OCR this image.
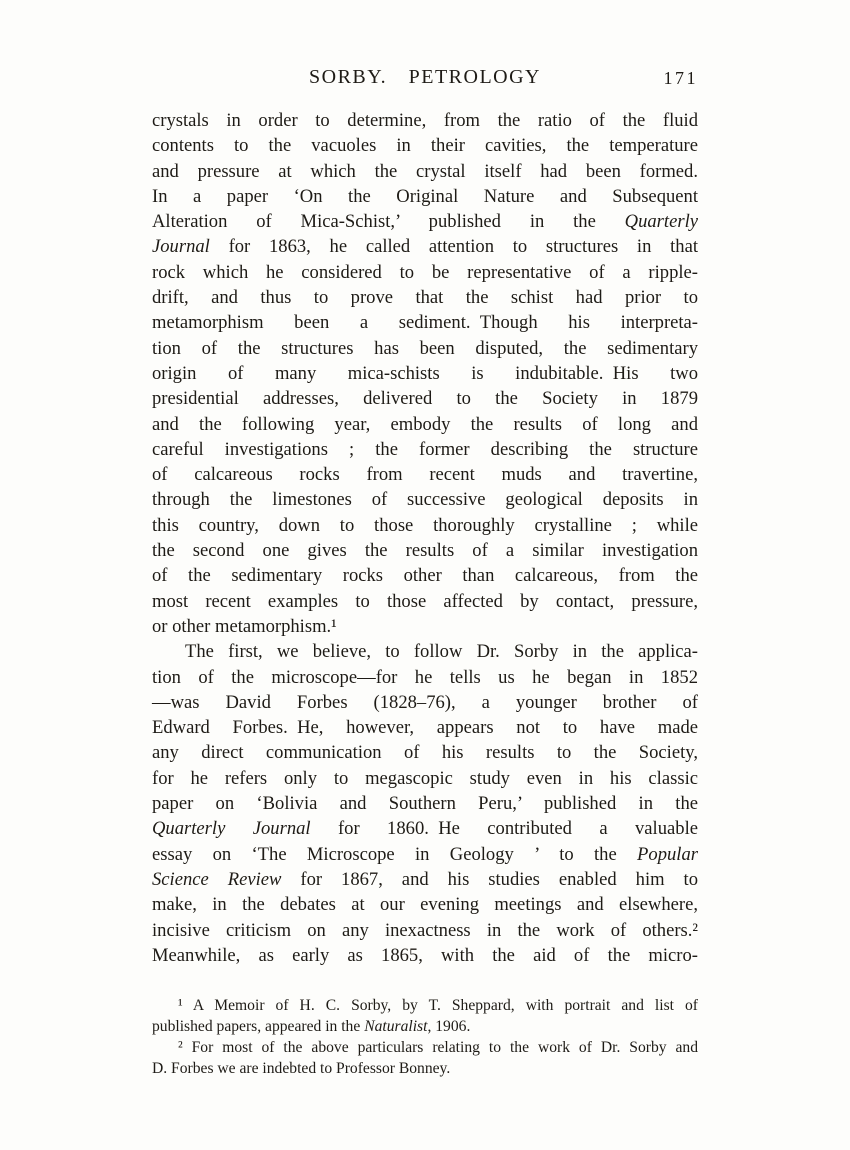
SORBY. PETROLOGY	171
crystals in order to determine, from the ratio of the fluid
contents to the vacuoles in their cavities, the temperature
and pressure at which the crystal itself had been formed.
In a paper ‘On the Original Nature and Subsequent
Alteration of Mica-Schist,’ published in the Quarterly
Journal for 1863, he called attention to structures in that
rock which he considered to be representative of a ripple-
drift, and thus to prove that the schist had prior to
metamorphism been a sediment. Though his interpreta-
tion of the structures has been disputed, the sedimentary
origin of many mica-schists is indubitable. His two
presidential addresses, delivered to the Society in 1879
and the following year, embody the results of long and
careful investigations ; the former describing the structure
of calcareous rocks from recent muds and travertine,
through the limestones of successive geological deposits in
this country, down to those thoroughly crystalline ; while
the second one gives the results of a similar investigation
of the sedimentary rocks other than calcareous, from the
most recent examples to those affected by contact, pressure,
or other metamorphism.¹
The first, we believe, to follow Dr. Sorby in the applica-
tion of the microscope—for he tells us he began in 1852
—was David Forbes (1828–76), a younger brother of
Edward Forbes. He, however, appears not to have made
any direct communication of his results to the Society,
for he refers only to megascopic study even in his classic
paper on ‘Bolivia and Southern Peru,’ published in the
Quarterly Journal for 1860. He contributed a valuable
essay on ‘The Microscope in Geology ’ to the Popular
Science Review for 1867, and his studies enabled him to
make, in the debates at our evening meetings and elsewhere,
incisive criticism on any inexactness in the work of others.²
Meanwhile, as early as 1865, with the aid of the micro-
¹ A Memoir of H. C. Sorby, by T. Sheppard, with portrait and list of
published papers, appeared in the Naturalist, 1906.
² For most of the above particulars relating to the work of Dr. Sorby and
D. Forbes we are indebted to Professor Bonney.
